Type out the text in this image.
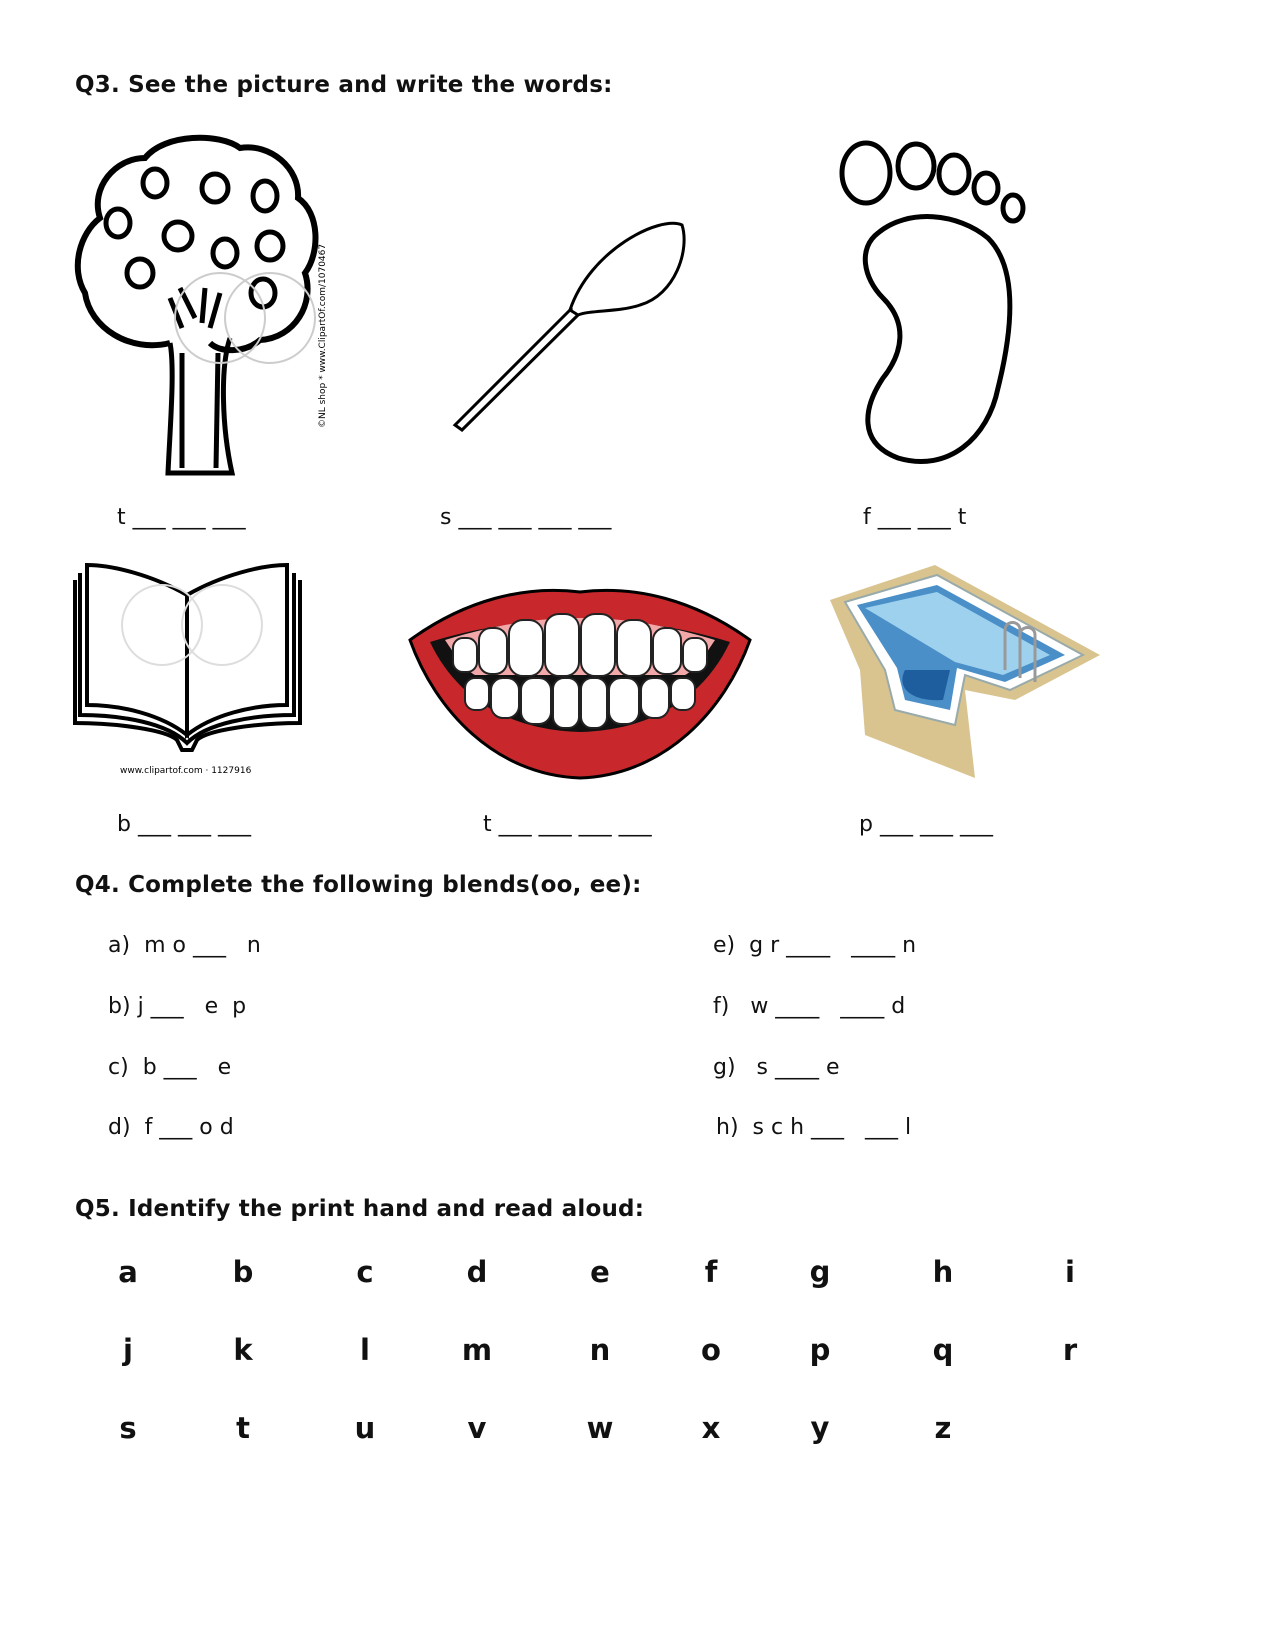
Q3. See the picture and write the words:
©NL shop * www.ClipartOf.com/1070467
t ___ ___ ___	s ___ ___ ___ ___	f ___ ___ t
www.clipartof.com · 1127916
b ___ ___ ___	t ___ ___ ___ ___	p ___ ___ ___
Q4. Complete the following blends(oo, ee):
a) m o ___   n
b) j ___   e  p
c) b ___   e
d) f ___ o d
e) g r ____   ____ n
f) w ____   ____ d
g) s ____ e
h) s c h ___   ___ l
Q5. Identify the print hand and read aloud:
a	b	c	d	e	f	g	h	i
j	k	l	m	n	o	p	q	r
s	t	u	v	w	x	y	z
